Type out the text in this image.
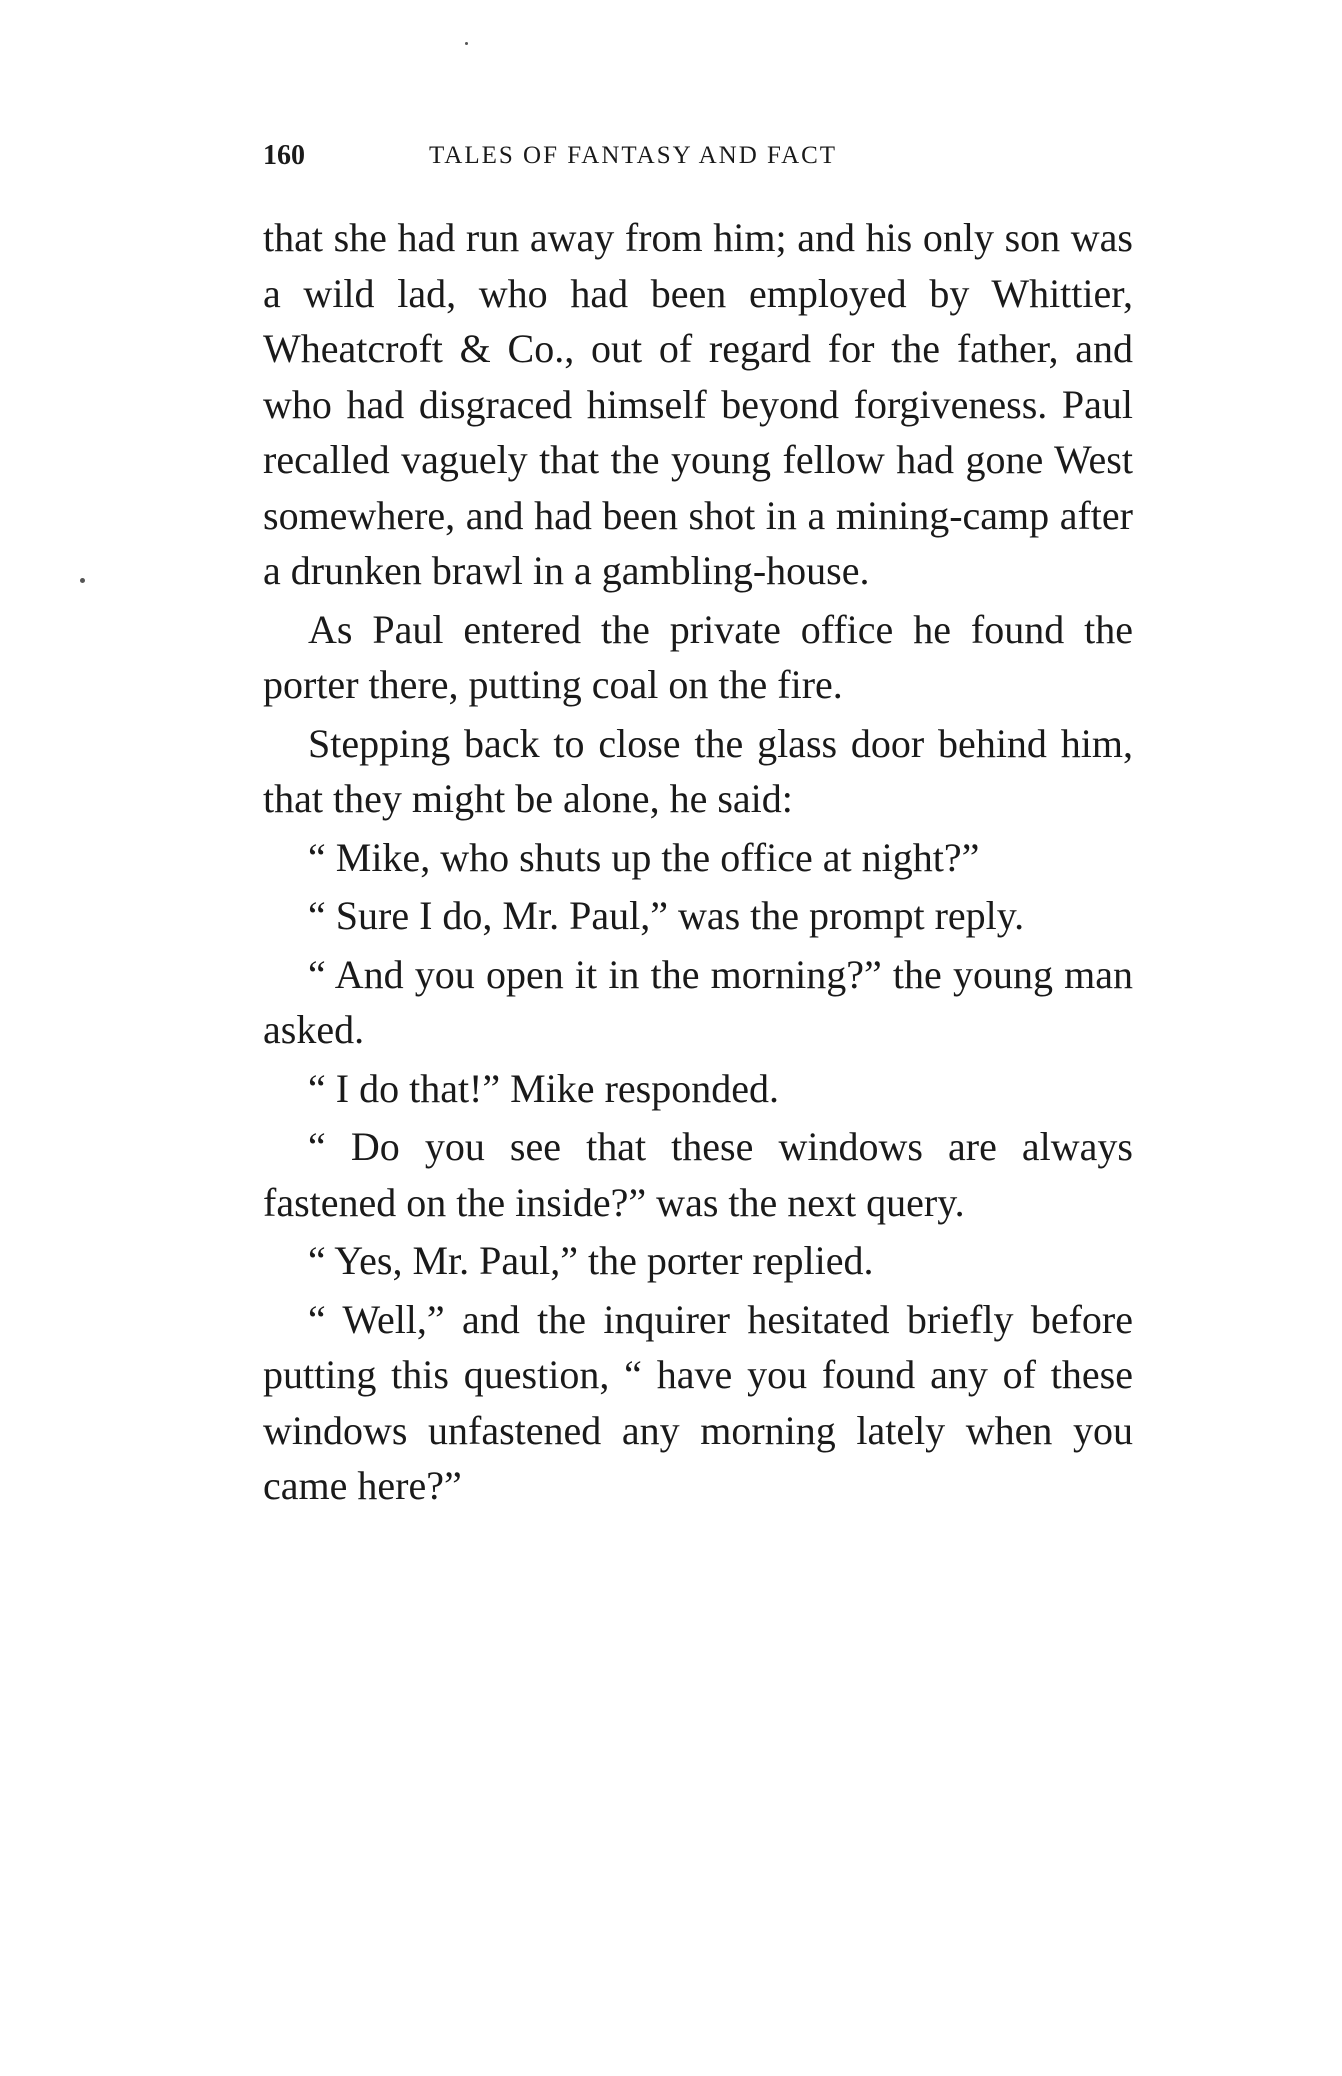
160	TALES OF FANTASY AND FACT

that she had run away from him; and his only son was a wild lad, who had been employed by Whittier, Wheatcroft & Co., out of regard for the father, and who had disgraced himself beyond forgiveness. Paul recalled vaguely that the young fellow had gone West somewhere, and had been shot in a mining-camp after a drunken brawl in a gambling-house.

As Paul entered the private office he found the porter there, putting coal on the fire.

Stepping back to close the glass door behind him, that they might be alone, he said:

“ Mike, who shuts up the office at night?”

“ Sure I do, Mr. Paul,” was the prompt reply.

“ And you open it in the morning?” the young man asked.

“ I do that!” Mike responded.

“ Do you see that these windows are always fastened on the inside?” was the next query.

“ Yes, Mr. Paul,” the porter replied.

“ Well,” and the inquirer hesitated briefly before putting this question, “ have you found any of these windows unfastened any morning lately when you came here?”
